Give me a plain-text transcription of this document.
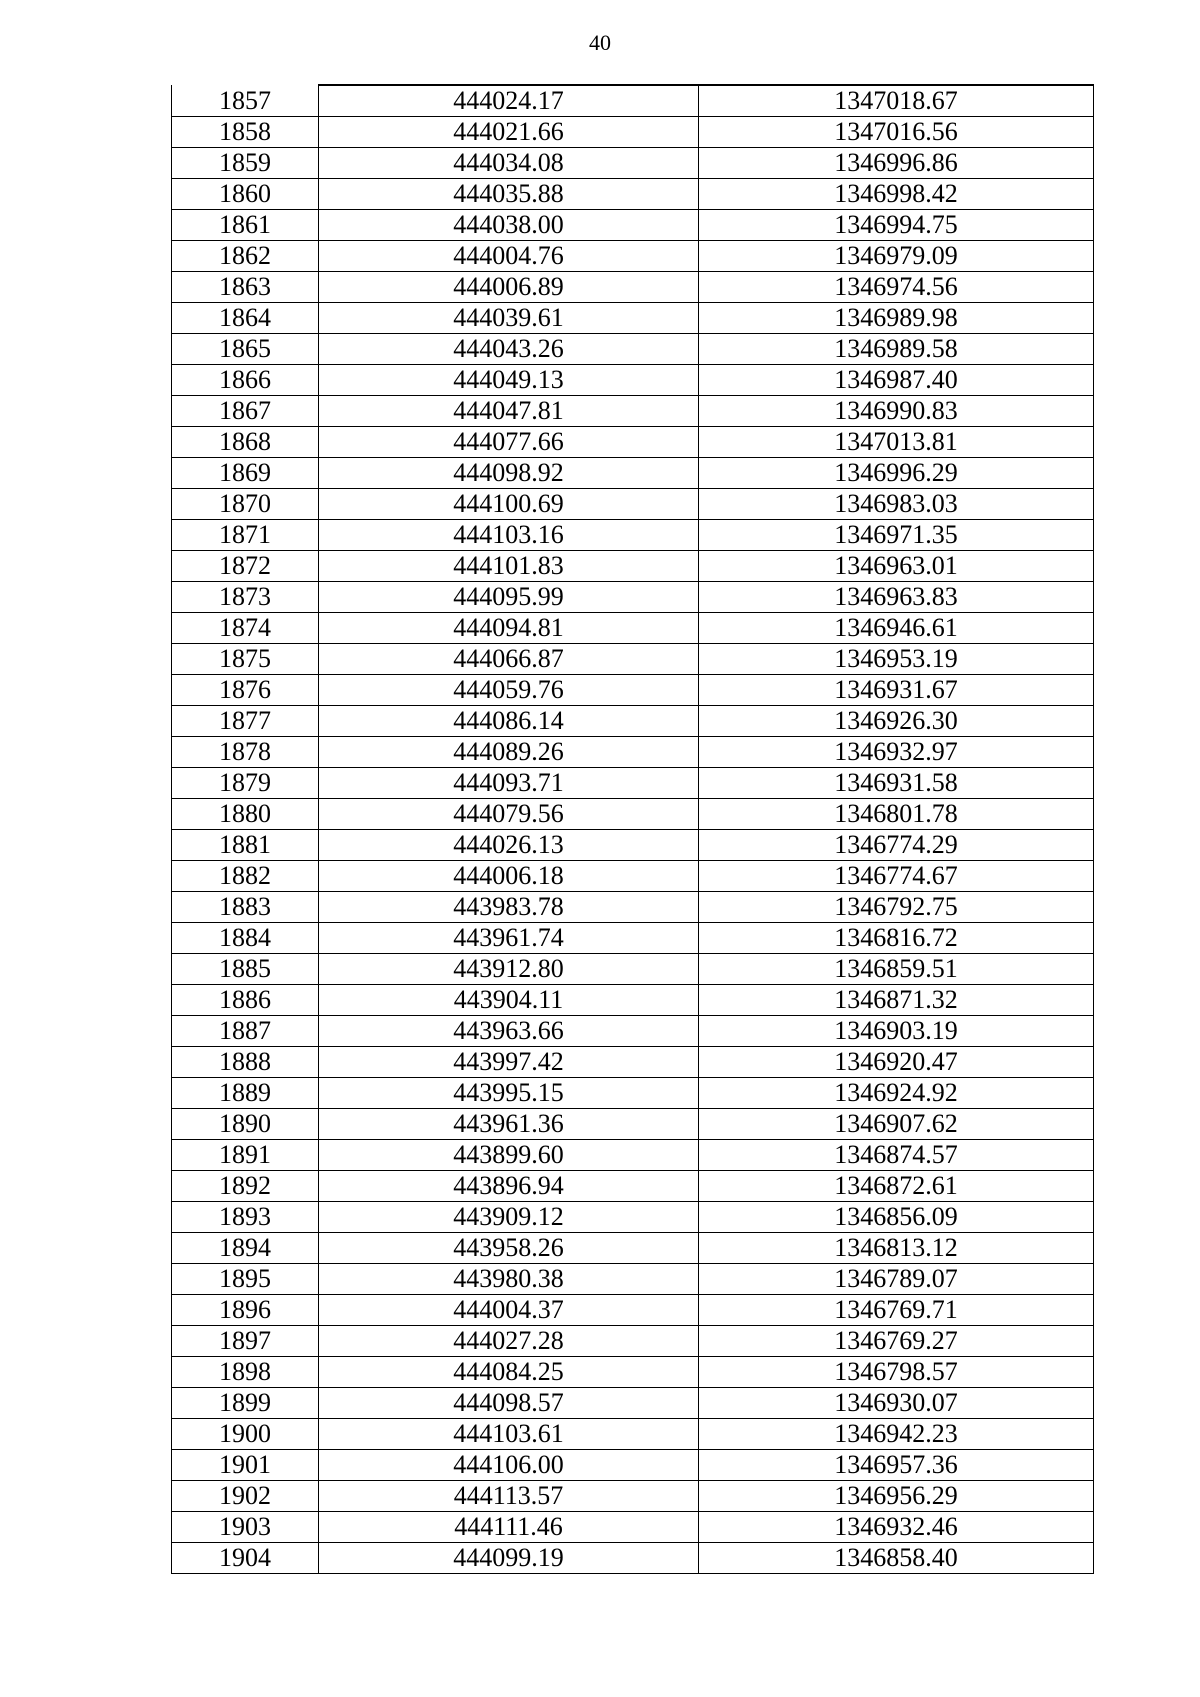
40
1857	444024.17	1347018.67
1858	444021.66	1347016.56
1859	444034.08	1346996.86
1860	444035.88	1346998.42
1861	444038.00	1346994.75
1862	444004.76	1346979.09
1863	444006.89	1346974.56
1864	444039.61	1346989.98
1865	444043.26	1346989.58
1866	444049.13	1346987.40
1867	444047.81	1346990.83
1868	444077.66	1347013.81
1869	444098.92	1346996.29
1870	444100.69	1346983.03
1871	444103.16	1346971.35
1872	444101.83	1346963.01
1873	444095.99	1346963.83
1874	444094.81	1346946.61
1875	444066.87	1346953.19
1876	444059.76	1346931.67
1877	444086.14	1346926.30
1878	444089.26	1346932.97
1879	444093.71	1346931.58
1880	444079.56	1346801.78
1881	444026.13	1346774.29
1882	444006.18	1346774.67
1883	443983.78	1346792.75
1884	443961.74	1346816.72
1885	443912.80	1346859.51
1886	443904.11	1346871.32
1887	443963.66	1346903.19
1888	443997.42	1346920.47
1889	443995.15	1346924.92
1890	443961.36	1346907.62
1891	443899.60	1346874.57
1892	443896.94	1346872.61
1893	443909.12	1346856.09
1894	443958.26	1346813.12
1895	443980.38	1346789.07
1896	444004.37	1346769.71
1897	444027.28	1346769.27
1898	444084.25	1346798.57
1899	444098.57	1346930.07
1900	444103.61	1346942.23
1901	444106.00	1346957.36
1902	444113.57	1346956.29
1903	444111.46	1346932.46
1904	444099.19	1346858.40
